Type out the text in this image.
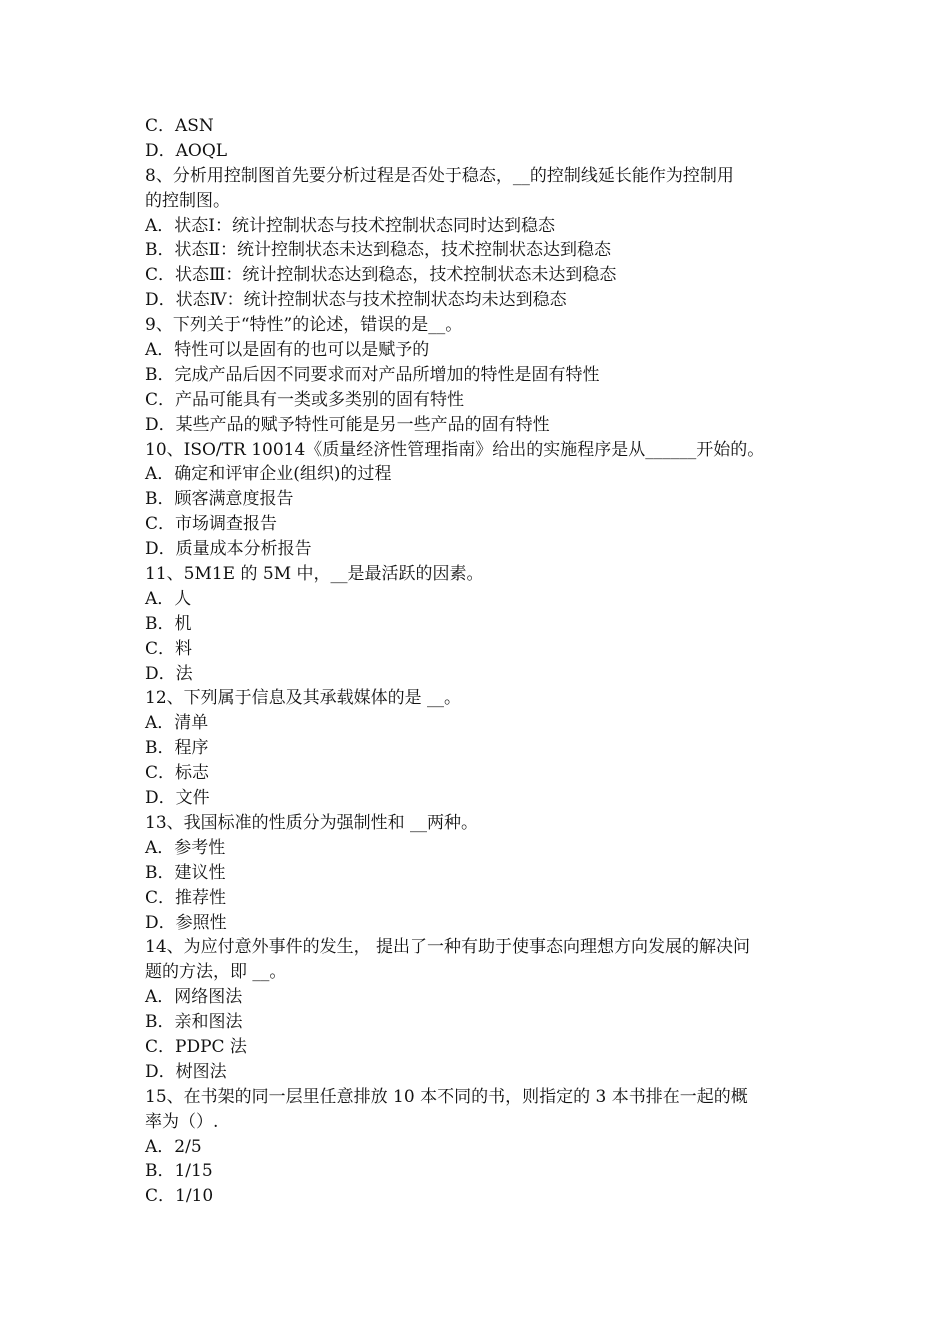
C．ASN
D．AOQL
8、分析用控制图首先要分析过程是否处于稳态，__的控制线延长能作为控制用
的控制图。
A．状态Ⅰ：统计控制状态与技术控制状态同时达到稳态
B．状态Ⅱ：统计控制状态未达到稳态，技术控制状态达到稳态
C．状态Ⅲ：统计控制状态达到稳态，技术控制状态未达到稳态
D．状态Ⅳ：统计控制状态与技术控制状态均未达到稳态
9、下列关于“特性”的论述，错误的是__。
A．特性可以是固有的也可以是赋予的
B．完成产品后因不同要求而对产品所增加的特性是固有特性
C．产品可能具有一类或多类别的固有特性
D．某些产品的赋予特性可能是另一些产品的固有特性
10、ISO/TR 10014《质量经济性管理指南》给出的实施程序是从______开始的。
A．确定和评审企业(组织)的过程
B．顾客满意度报告
C．市场调查报告
D．质量成本分析报告
11、5M1E 的 5M 中，__是最活跃的因素。
A．人
B．机
C．料
D．法
12、下列属于信息及其承载媒体的是 __。
A．清单
B．程序
C．标志
D．文件
13、我国标准的性质分为强制性和 __两种。
A．参考性
B．建议性
C．推荐性
D．参照性
14、为应付意外事件的发生， 提出了一种有助于使事态向理想方向发展的解决问
题的方法，即 __。
A．网络图法
B．亲和图法
C．PDPC 法
D．树图法
15、在书架的同一层里任意排放 10 本不同的书，则指定的 3 本书排在一起的概
率为（）.
A．2/5
B．1/15
C．1/10
